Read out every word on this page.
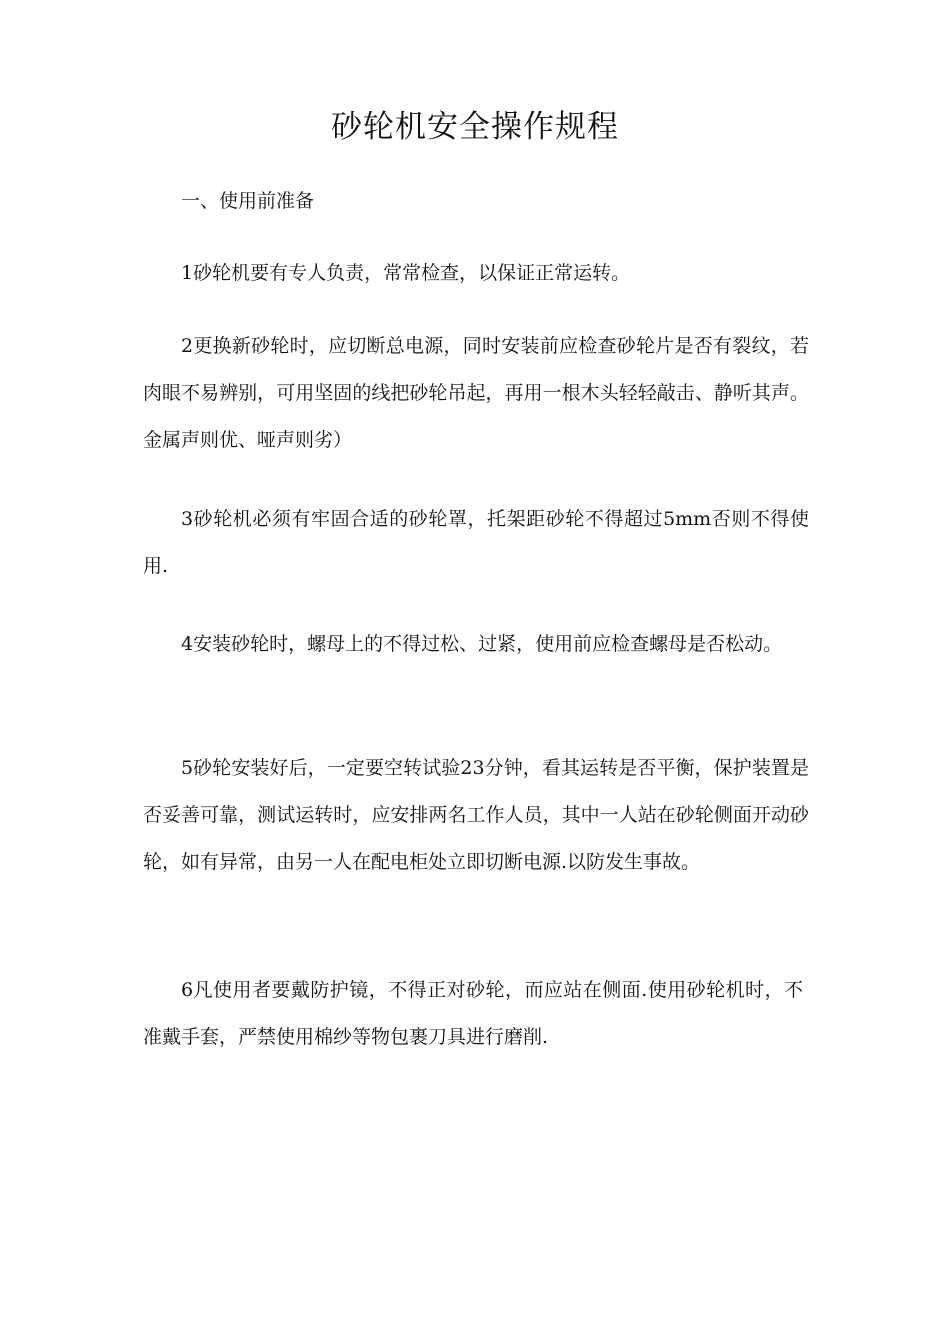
砂轮机安全操作规程

一、使用前准备

1砂轮机要有专人负责，常常检查，以保证正常运转。

2更换新砂轮时，应切断总电源，同时安装前应检查砂轮片是否有裂纹，若肉眼不易辨别，可用坚固的线把砂轮吊起，再用一根木头轻轻敲击、静听其声。金属声则优、哑声则劣）

3砂轮机必须有牢固合适的砂轮罩，托架距砂轮不得超过5mm否则不得使用.

4安装砂轮时，螺母上的不得过松、过紧，使用前应检查螺母是否松动。

5砂轮安装好后，一定要空转试验23分钟，看其运转是否平衡，保护装置是否妥善可靠，测试运转时，应安排两名工作人员，其中一人站在砂轮侧面开动砂轮，如有异常，由另一人在配电柜处立即切断电源.以防发生事故。

6凡使用者要戴防护镜，不得正对砂轮，而应站在侧面.使用砂轮机时，不准戴手套，严禁使用棉纱等物包裹刀具进行磨削.
